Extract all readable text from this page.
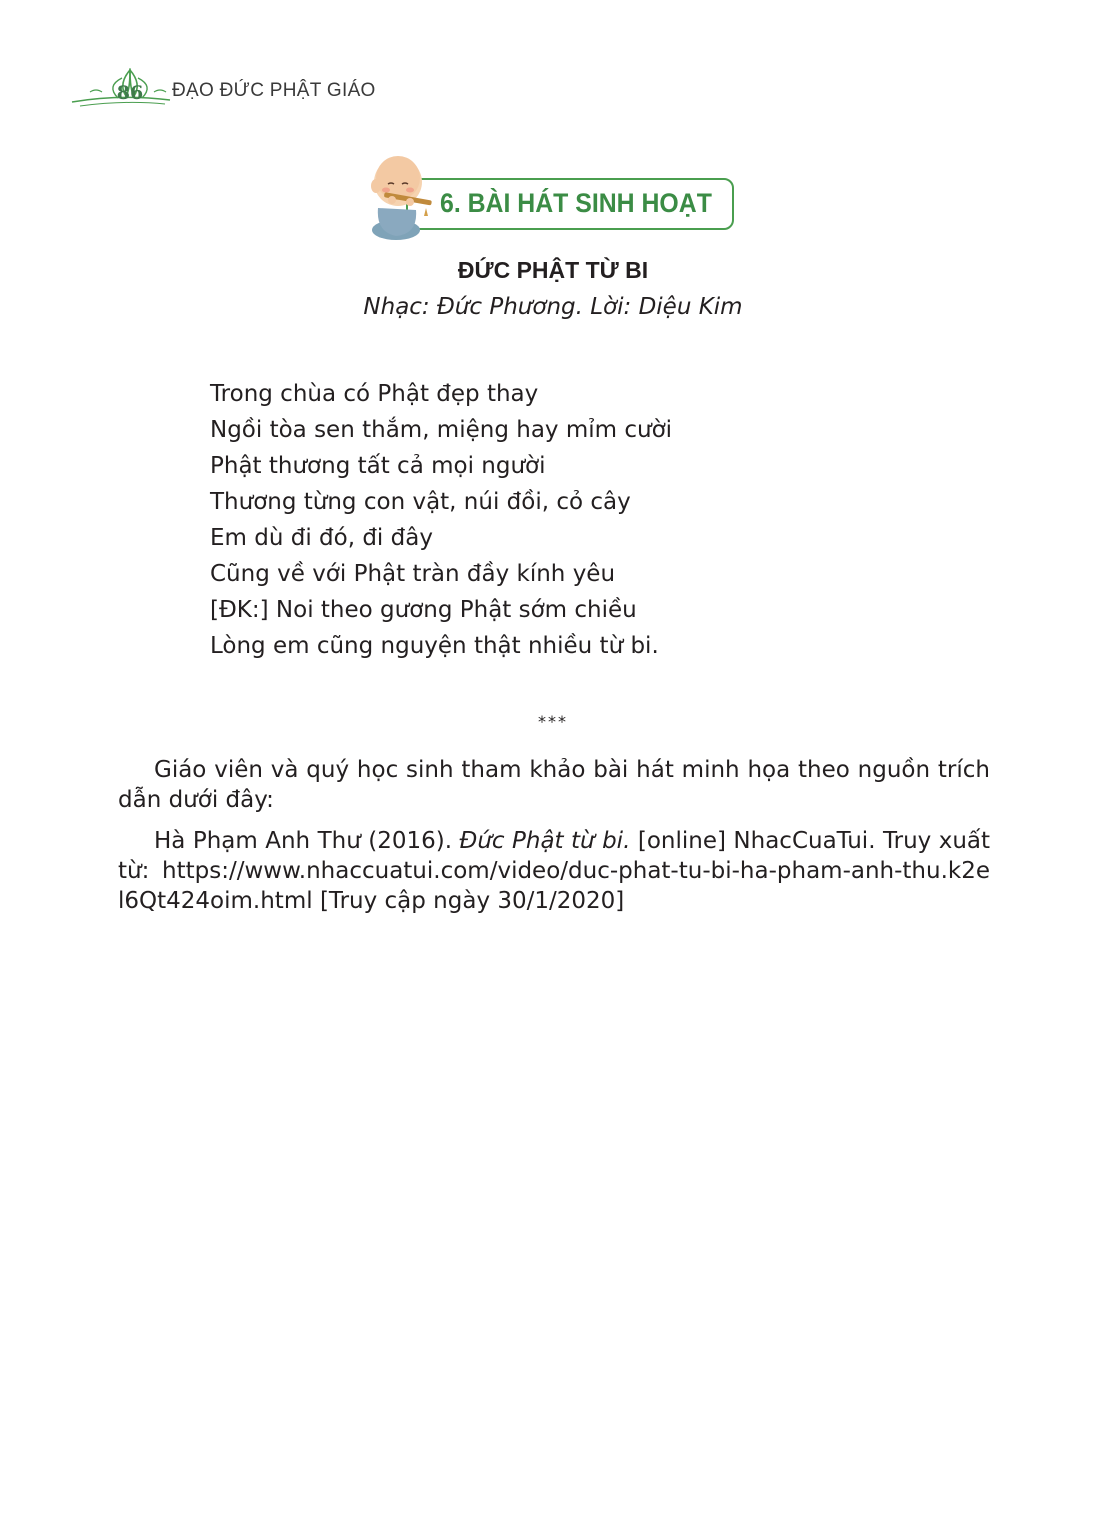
86	ĐẠO ĐỨC PHẬT GIÁO
6. BÀI HÁT SINH HOẠT
ĐỨC PHẬT TỪ BI
Nhạc: Đức Phương. Lời: Diệu Kim
Trong chùa có Phật đẹp thay
Ngồi tòa sen thắm, miệng hay mỉm cười
Phật thương tất cả mọi người
Thương từng con vật, núi đồi, cỏ cây
Em dù đi đó, đi đây
Cũng về với Phật tràn đầy kính yêu
[ĐK:] Noi theo gương Phật sớm chiều
Lòng em cũng nguyện thật nhiều từ bi.
***

Giáo viên và quý học sinh tham khảo bài hát minh họa theo nguồn trích dẫn dưới đây:

Hà Phạm Anh Thư (2016). Đức Phật từ bi. [online] NhacCuaTui. Truy xuất từ: https://www.nhaccuatui.com/video/duc-phat-tu-bi-ha-pham-anh-thu.k2el6Qt424oim.html [Truy cập ngày 30/1/2020]
